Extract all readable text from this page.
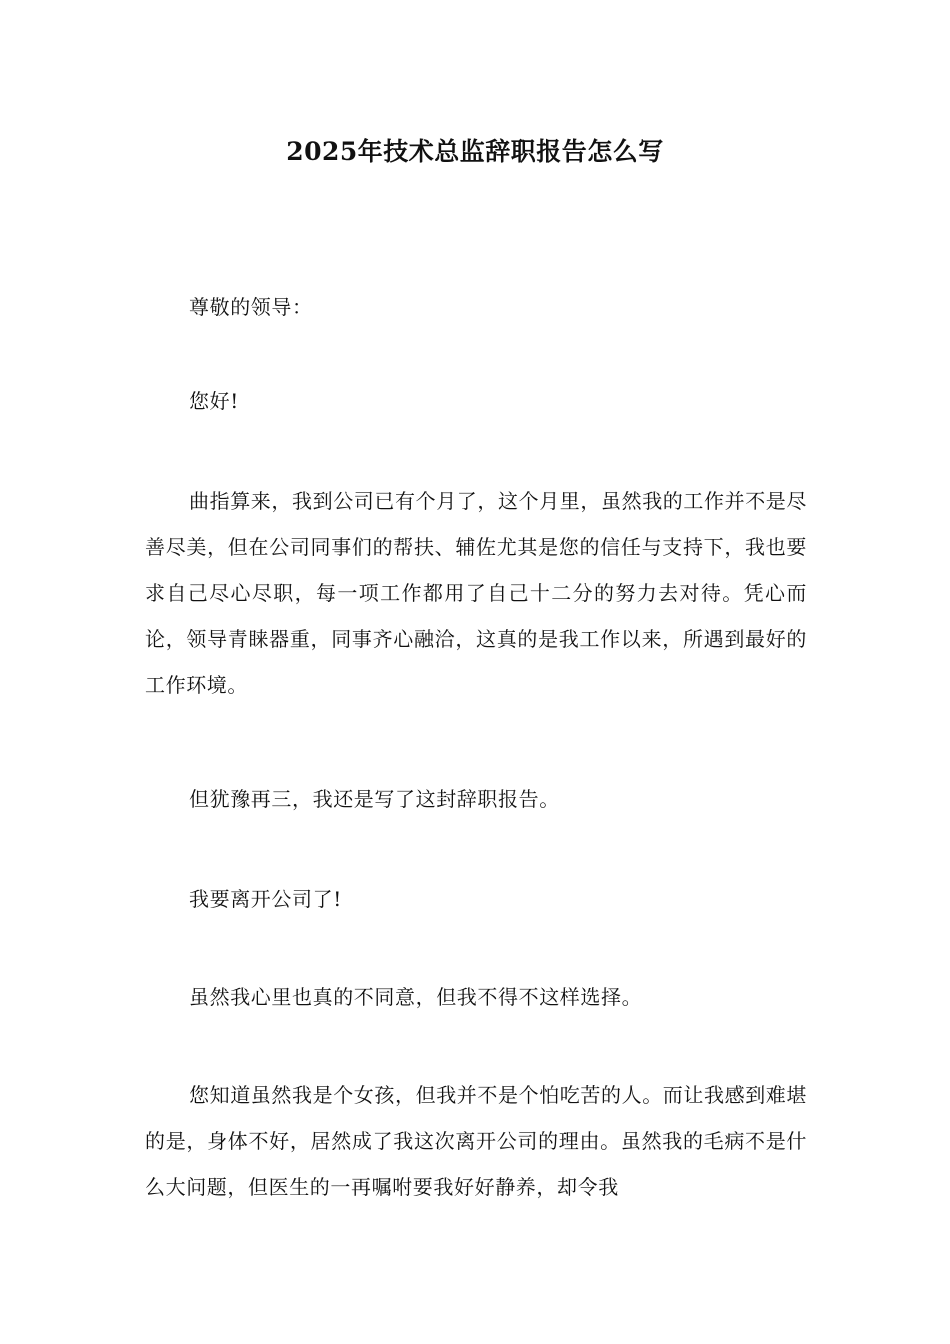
2025年技术总监辞职报告怎么写

尊敬的领导：

您好!

曲指算来，我到公司已有个月了，这个月里，虽然我的工作并不是尽善尽美，但在公司同事们的帮扶、辅佐尤其是您的信任与支持下，我也要求自己尽心尽职，每一项工作都用了自己十二分的努力去对待。凭心而论，领导青睐器重，同事齐心融洽，这真的是我工作以来，所遇到最好的工作环境。

但犹豫再三，我还是写了这封辞职报告。

我要离开公司了!

虽然我心里也真的不同意，但我不得不这样选择。

您知道虽然我是个女孩，但我并不是个怕吃苦的人。而让我感到难堪的是，身体不好，居然成了我这次离开公司的理由。虽然我的毛病不是什么大问题，但医生的一再嘱咐要我好好静养，却令我
